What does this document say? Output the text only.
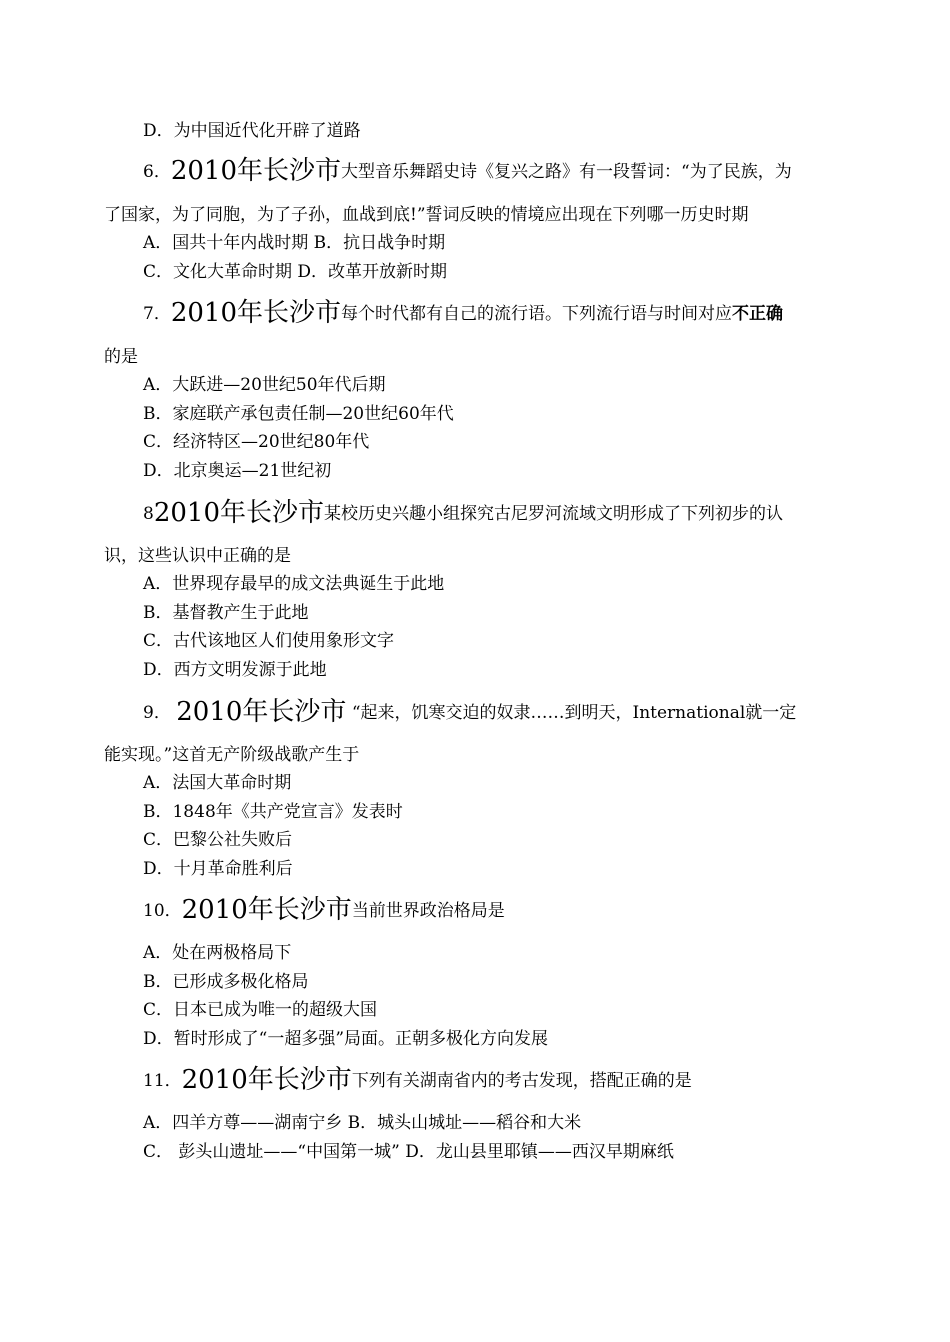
D．为中国近代化开辟了道路
6．2010年长沙市大型音乐舞蹈史诗《复兴之路》有一段誓词：“为了民族，为
了国家，为了同胞，为了子孙，血战到底!”誓词反映的情境应出现在下列哪一历史时期
A．国共十年内战时期 B．抗日战争时期
C．文化大革命时期 D．改革开放新时期
7．2010年长沙市每个时代都有自己的流行语。下列流行语与时间对应不正确
的是
A．大跃进—20世纪50年代后期
B．家庭联产承包责任制—20世纪60年代
C．经济特区—20世纪80年代
D．北京奥运—21世纪初
82010年长沙市某校历史兴趣小组探究古尼罗河流域文明形成了下列初步的认
识，这些认识中正确的是
A．世界现存最早的成文法典诞生于此地
B．基督教产生于此地
C．古代该地区人们使用象形文字
D．西方文明发源于此地
9． 2010年长沙市 “起来，饥寒交迫的奴隶……到明天，International就一定
能实现。”这首无产阶级战歌产生于
A．法国大革命时期
B．1848年《共产党宣言》发表时
C．巴黎公社失败后
D．十月革命胜利后
10．2010年长沙市当前世界政治格局是
A．处在两极格局下
B．已形成多极化格局
C．日本已成为唯一的超级大国
D．暂时形成了“一超多强”局面。正朝多极化方向发展
11．2010年长沙市下列有关湖南省内的考古发现，搭配正确的是
A．四羊方尊——湖南宁乡 B．城头山城址——稻谷和大米
C． 彭头山遗址——“中国第一城” D．龙山县里耶镇——西汉早期麻纸
